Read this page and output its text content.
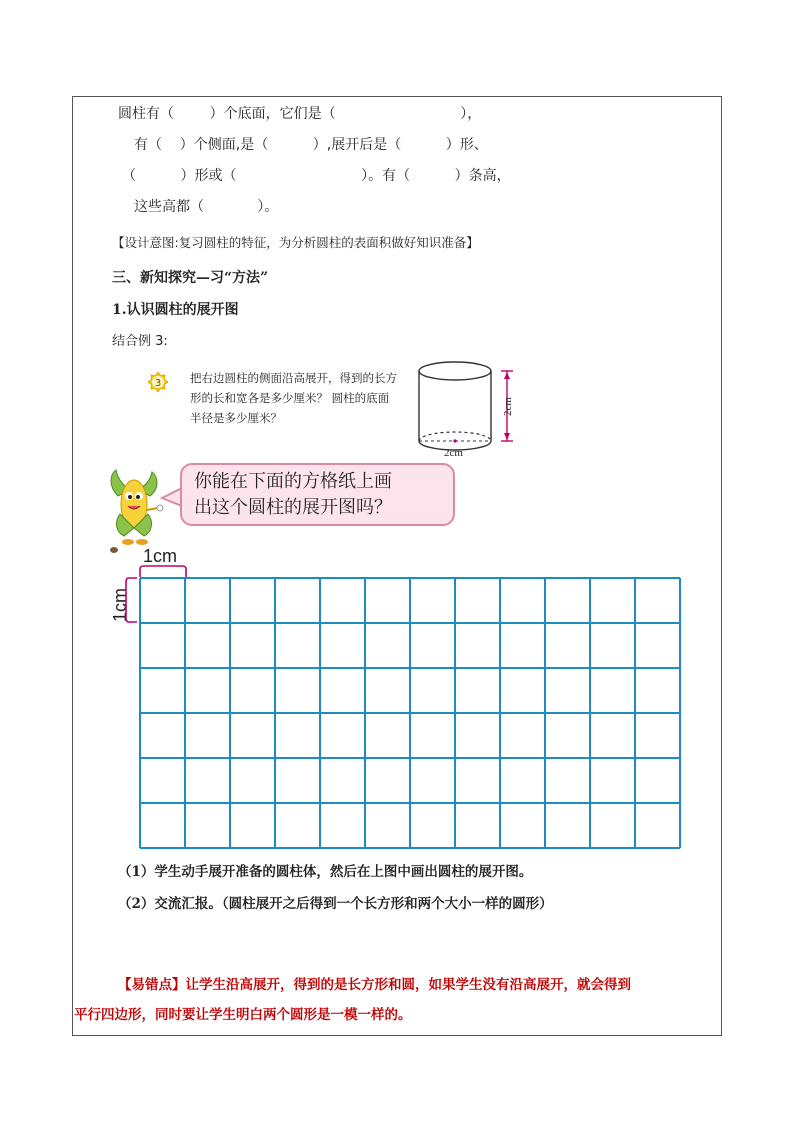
圆柱有（        ）个底面，它们是（                            ），
有（    ）个侧面,是（          ）,展开后是（          ）形、
（          ）形或（                            ）。有（          ）条高，
这些高都（            ）。
【设计意图:复习圆柱的特征，为分析圆柱的表面积做好知识准备】
三、新知探究—习“方法”
1.认识圆柱的展开图
结合例 3:
3	把右边圆柱的侧面沿高展开，得到的长方形的长和宽各是多少厘米？ 圆柱的底面半径是多少厘米？
2cm
2cm
你能在下面的方格纸上画
出这个圆柱的展开图吗？
1cm
1cm
（1）学生动手展开准备的圆柱体，然后在上图中画出圆柱的展开图。
（2）交流汇报。（圆柱展开之后得到一个长方形和两个大小一样的圆形）
【易错点】让学生沿高展开，得到的是长方形和圆，如果学生没有沿高展开，就会得到
平行四边形，同时要让学生明白两个圆形是一模一样的。
